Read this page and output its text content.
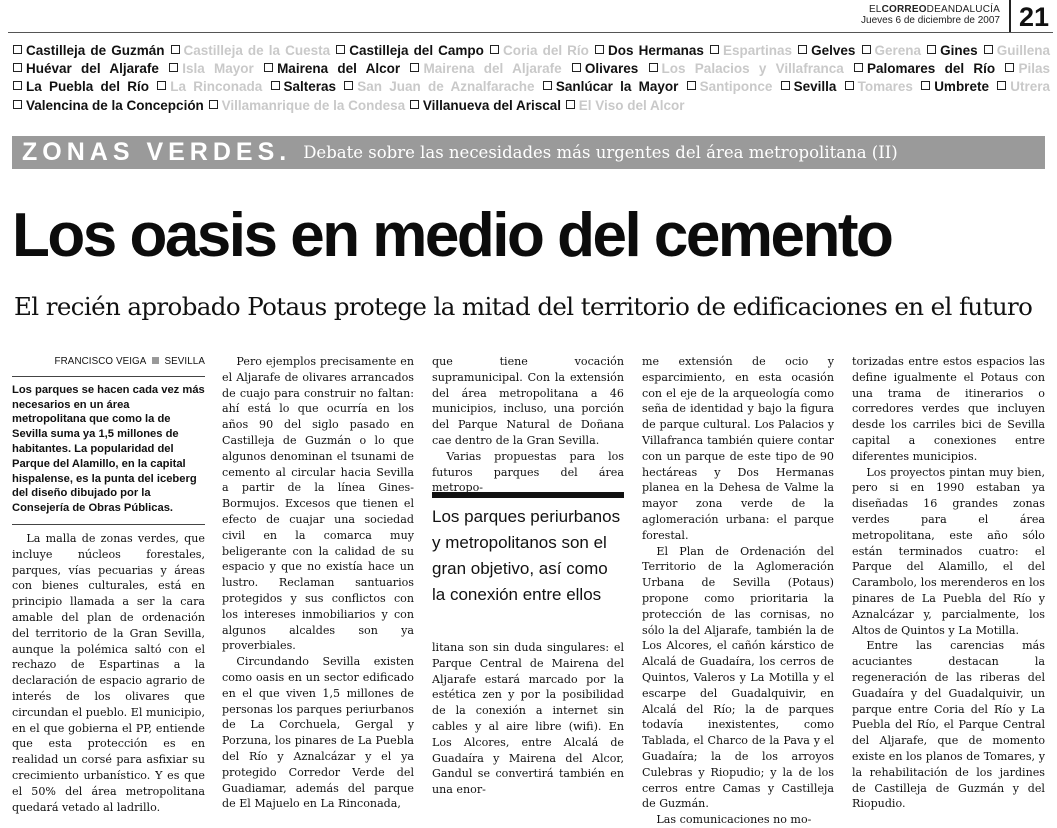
ELCORREODEANDALUCÍA
Jueves 6 de diciembre de 2007 21
Castilleja de Guzmán Castilleja de la Cuesta Castilleja del Campo Coria del Río Dos Hermanas Espartinas Gelves Gerena Gines Guillena Huévar del Aljarafe Isla Mayor Mairena del Alcor Mairena del Aljarafe Olivares Los Palacios y Villafranca Palomares del Río Pilas La Puebla del Río La Rinconada Salteras San Juan de Aznalfarache Sanlúcar la Mayor Santiponce Sevilla Tomares Umbrete Utrera Valencina de la Concepción Villamanrique de la Condesa Villanueva del Ariscal El Viso del Alcor
ZONAS VERDES. Debate sobre las necesidades más urgentes del área metropolitana (II)
Los oasis en medio del cemento
El recién aprobado Potaus protege la mitad del territorio de edificaciones en el futuro
FRANCISCO VEIGA SEVILLA
Los parques se hacen cada vez más necesarios en un área metropolitana que como la de Sevilla suma ya 1,5 millones de habitantes. La popularidad del Parque del Alamillo, en la capital hispalense, es la punta del iceberg del diseño dibujado por la Consejería de Obras Públicas.

La malla de zonas verdes, que incluye núcleos forestales, parques, vías pecuarias y áreas con bienes culturales, está en principio llamada a ser la cara amable del plan de ordenación del territorio de la Gran Sevilla, aunque la polémica saltó con el rechazo de Espartinas a la declaración de espacio agrario de interés de los olivares que circundan el pueblo. El municipio, en el que gobierna el PP, entiende que esta protección es en realidad un corsé para asfixiar su crecimiento urbanístico. Y es que el 50% del área metropolitana quedará vetado al ladrillo.

Pero ejemplos precisamente en el Aljarafe de olivares arrancados de cuajo para construir no faltan: ahí está lo que ocurría en los años 90 del siglo pasado en Castilleja de Guzmán o lo que algunos denominan el tsunami de cemento al circular hacia Sevilla a partir de la línea Gines-Bormujos. Excesos que tienen el efecto de cuajar una sociedad civil en la comarca muy beligerante con la calidad de su espacio y que no existía hace un lustro. Reclaman santuarios protegidos y sus conflictos con los intereses inmobiliarios y con algunos alcaldes son ya proverbiales.

Circundando Sevilla existen como oasis en un sector edificado en el que viven 1,5 millones de personas los parques periurbanos de La Corchuela, Gergal y Porzuna, los pinares de La Puebla del Río y Aznalcázar y el ya protegido Corredor Verde del Guadiamar, además del parque de El Majuelo en La Rinconada,

que tiene vocación supramunicipal. Con la extensión del área metropolitana a 46 municipios, incluso, una porción del Parque Natural de Doñana cae dentro de la Gran Sevilla.

Varias propuestas para los futuros parques del área metropo-

Los parques periurbanos y metropolitanos son el gran objetivo, así como la conexión entre ellos

litana son sin duda singulares: el Parque Central de Mairena del Aljarafe estará marcado por la estética zen y por la posibilidad de la conexión a internet sin cables y al aire libre (wifi). En Los Alcores, entre Alcalá de Guadaíra y Mairena del Alcor, Gandul se convertirá también en una enor-

me extensión de ocio y esparcimiento, en esta ocasión con el eje de la arqueología como seña de identidad y bajo la figura de parque cultural. Los Palacios y Villafranca también quiere contar con un parque de este tipo de 90 hectáreas y Dos Hermanas planea en la Dehesa de Valme la mayor zona verde de la aglomeración urbana: el parque forestal.

El Plan de Ordenación del Territorio de la Aglomeración Urbana de Sevilla (Potaus) propone como prioritaria la protección de las cornisas, no sólo la del Aljarafe, también la de Los Alcores, el cañón kárstico de Alcalá de Guadaíra, los cerros de Quintos, Valeros y La Motilla y el escarpe del Guadalquivir, en Alcalá del Río; la de parques todavía inexistentes, como Tablada, el Charco de la Pava y el Guadaíra; la de los arroyos Culebras y Riopudio; y la de los cerros entre Camas y Castilleja de Guzmán.

Las comunicaciones no mo-

torizadas entre estos espacios las define igualmente el Potaus con una trama de itinerarios o corredores verdes que incluyen desde los carriles bici de Sevilla capital a conexiones entre diferentes municipios.

Los proyectos pintan muy bien, pero si en 1990 estaban ya diseñadas 16 grandes zonas verdes para el área metropolitana, este año sólo están terminados cuatro: el Parque del Alamillo, el del Carambolo, los merenderos en los pinares de La Puebla del Río y Aznalcázar y, parcialmente, los Altos de Quintos y La Motilla.

Entre las carencias más acuciantes destacan la regeneración de las riberas del Guadaíra y del Guadalquivir, un parque entre Coria del Río y La Puebla del Río, el Parque Central del Aljarafe, que de momento existe en los planos de Tomares, y la rehabilitación de los jardines de Castilleja de Guzmán y del Riopudio.
